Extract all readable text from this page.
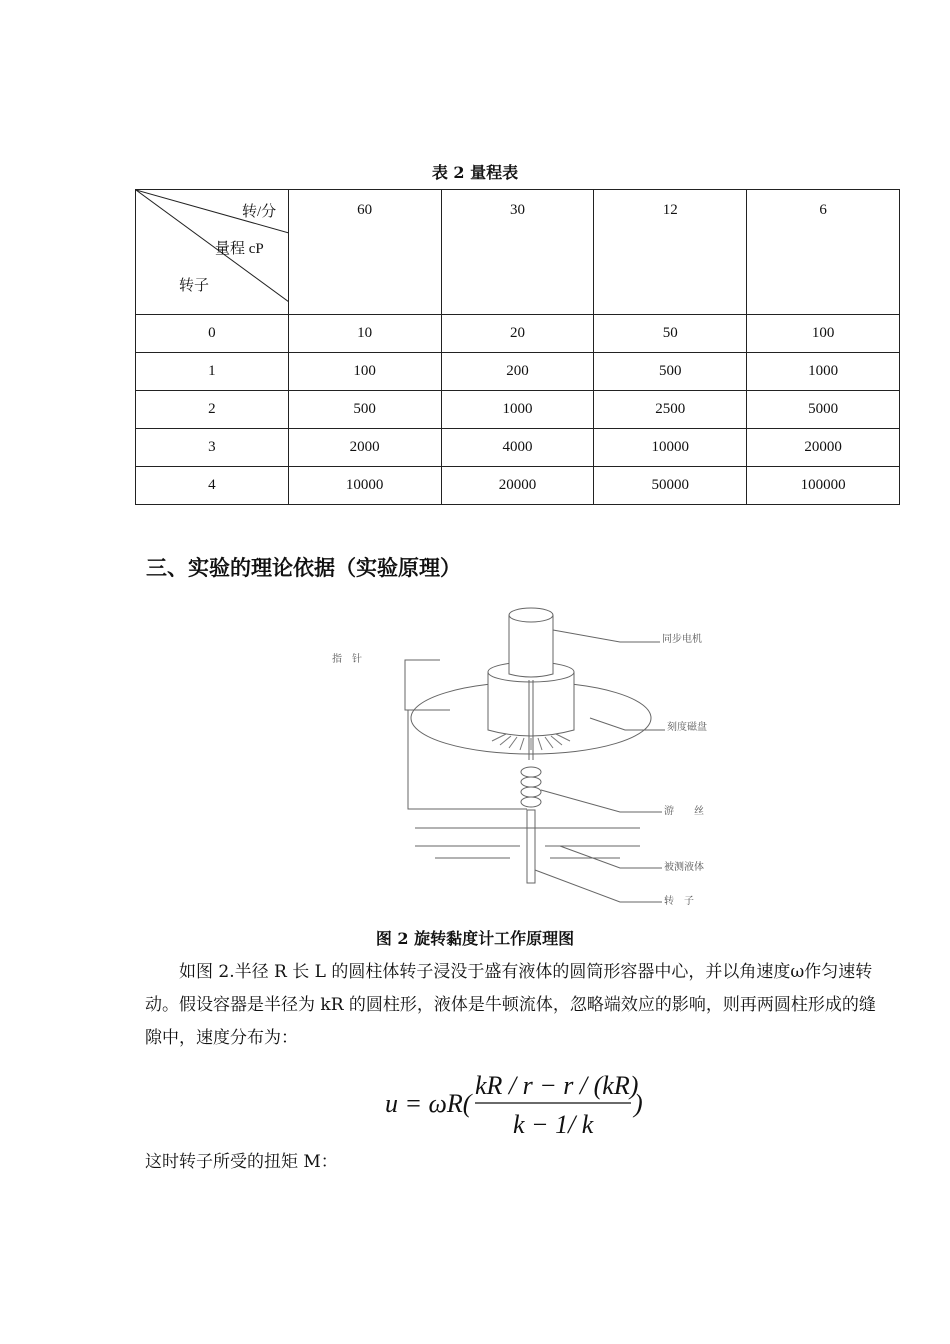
表 2 量程表
转/分
量程 cP
转子	60	30	12	6
0	10	20	50	100
1	100	200	500	1000
2	500	1000	2500	5000
3	2000	4000	10000	20000
4	10000	20000	50000	100000
三、实验的理论依据（实验原理）
指　针
同步电机
刻度磁盘
游　　丝
被测液体
转　子
图 2 旋转黏度计工作原理图

如图 2.半径 R 长 L 的圆柱体转子浸没于盛有液体的圆筒形容器中心，并以角速度ω作匀速转动。假设容器是半径为 kR 的圆柱形，液体是牛顿流体，忽略端效应的影响，则再两圆柱形成的缝隙中，速度分布为：

u = ωR(
kR / r − r / (kR)
k − 1/ k
)

这时转子所受的扭矩 M：
